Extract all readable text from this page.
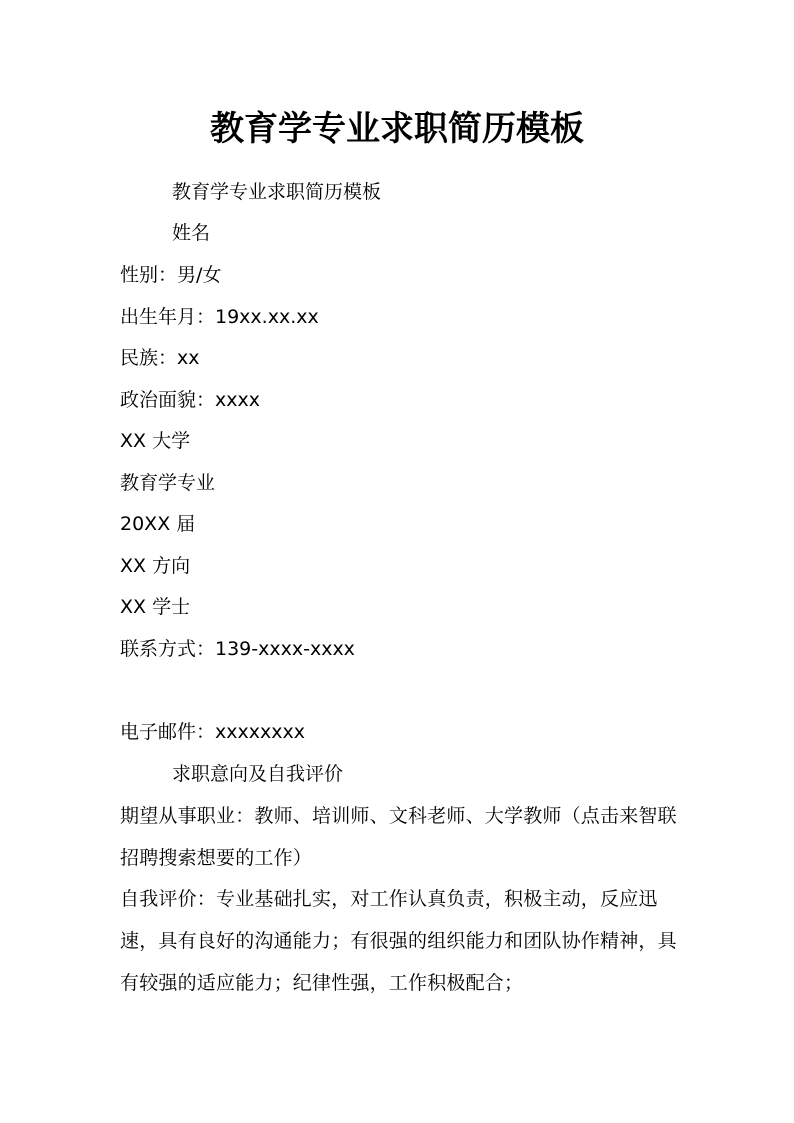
教育学专业求职简历模板

教育学专业求职简历模板

姓名

性别：男/女

出生年月：19xx.xx.xx

民族：xx

政治面貌：xxxx

XX 大学

教育学专业

20XX 届

XX 方向

XX 学士

联系方式：139-xxxx-xxxx

电子邮件：xxxxxxxx

求职意向及自我评价

期望从事职业：教师、培训师、文科老师、大学教师（点击来智联招聘搜索想要的工作）

自我评价：专业基础扎实，对工作认真负责，积极主动，反应迅速，具有良好的沟通能力；有很强的组织能力和团队协作精神，具有较强的适应能力；纪律性强，工作积极配合；
